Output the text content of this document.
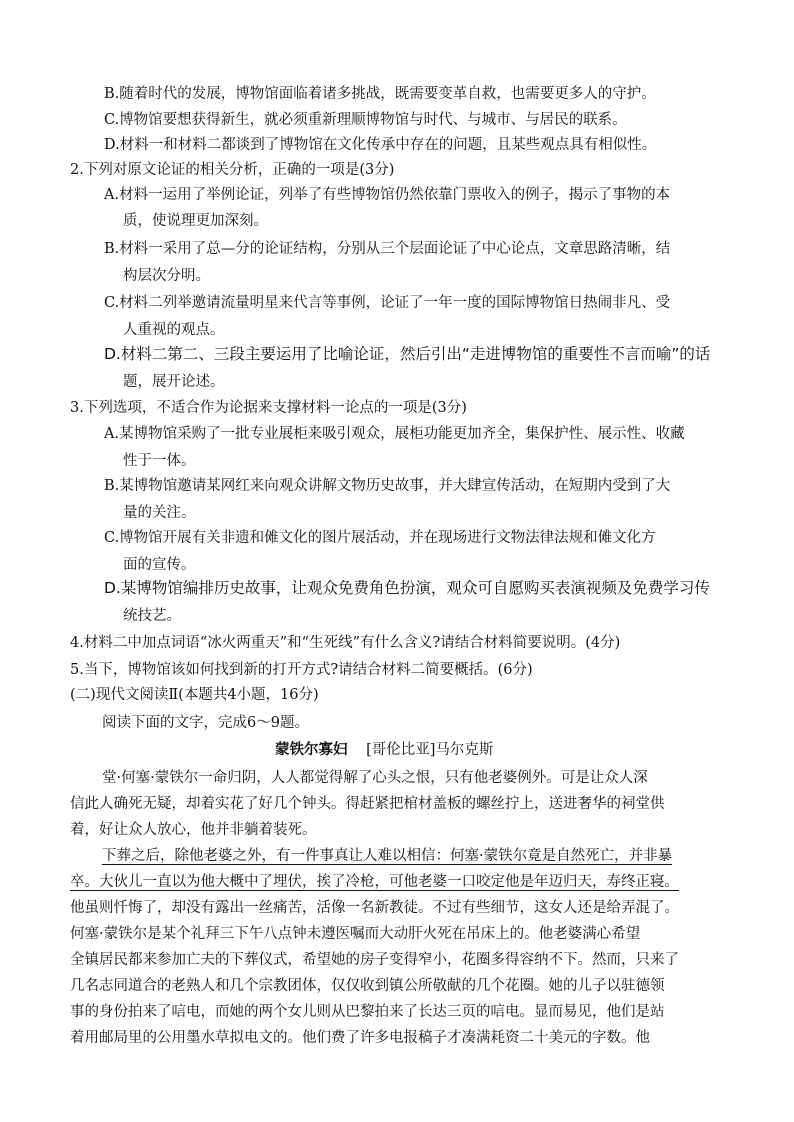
B.随着时代的发展，博物馆面临着诸多挑战，既需要变革自救，也需要更多人的守护。
C.博物馆要想获得新生，就必须重新理顺博物馆与时代、与城市、与居民的联系。
D.材料一和材料二都谈到了博物馆在文化传承中存在的问题，且某些观点具有相似性。
2.下列对原文论证的相关分析，正确的一项是(3分)
A.材料一运用了举例论证，列举了有些博物馆仍然依靠门票收入的例子，揭示了事物的本
质，使说理更加深刻。
B.材料一采用了总—分的论证结构，分别从三个层面论证了中心论点，文章思路清晰，结
构层次分明。
C.材料二列举邀请流量明星来代言等事例，论证了一年一度的国际博物馆日热闹非凡、受
人重视的观点。
D.材料二第二、三段主要运用了比喻论证，然后引出“走进博物馆的重要性不言而喻”的话
题，展开论述。
3.下列选项，不适合作为论据来支撑材料一论点的一项是(3分)
A.某博物馆采购了一批专业展柜来吸引观众，展柜功能更加齐全，集保护性、展示性、收藏
性于一体。
B.某博物馆邀请某网红来向观众讲解文物历史故事，并大肆宣传活动，在短期内受到了大
量的关注。
C.博物馆开展有关非遗和傩文化的图片展活动，并在现场进行文物法律法规和傩文化方
面的宣传。
D.某博物馆编排历史故事，让观众免费角色扮演，观众可自愿购买表演视频及免费学习传
统技艺。
4.材料二中加点词语“冰火两重天”和“生死线”有什么含义?请结合材料简要说明。(4分)
5.当下，博物馆该如何找到新的打开方式?请结合材料二简要概括。(6分)
(二)现代文阅读Ⅱ(本题共4小题，16分)
阅读下面的文字，完成6～9题。
蒙铁尔寡妇 [哥伦比亚]马尔克斯
堂·何塞·蒙铁尔一命归阴，人人都觉得解了心头之恨，只有他老婆例外。可是让众人深
信此人确死无疑，却着实花了好几个钟头。得赶紧把棺材盖板的螺丝拧上，送进奢华的祠堂供
着，好让众人放心，他并非躺着装死。
下葬之后，除他老婆之外，有一件事真让人难以相信：何塞·蒙铁尔竟是自然死亡，并非暴
卒。大伙儿一直以为他大概中了埋伏，挨了冷枪，可他老婆一口咬定他是年迈归天，寿终正寝。
他虽则忏悔了，却没有露出一丝痛苦，活像一名新教徒。不过有些细节，这女人还是给弄混了。
何塞·蒙铁尔是某个礼拜三下午八点钟未遵医嘱而大动肝火死在吊床上的。他老婆满心希望
全镇居民都来参加亡夫的下葬仪式，希望她的房子变得窄小，花圈多得容纳不下。然而，只来了
几名志同道合的老熟人和几个宗教团体，仅仅收到镇公所敬献的几个花圈。她的儿子以驻德领
事的身份拍来了唁电，而她的两个女儿则从巴黎拍来了长达三页的唁电。显而易见，他们是站
着用邮局里的公用墨水草拟电文的。他们费了许多电报稿子才凑满耗资二十美元的字数。他
